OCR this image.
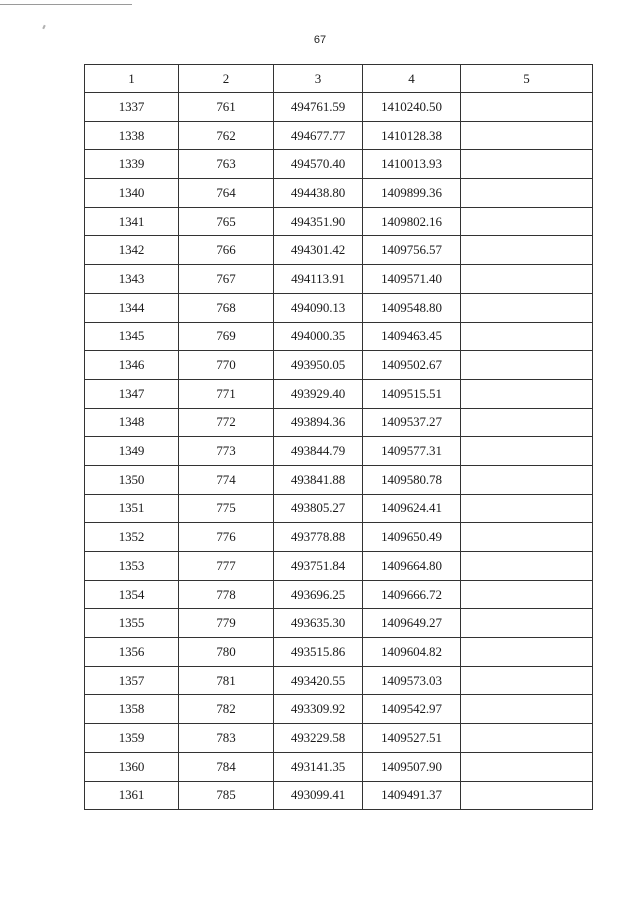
67
1	2	3	4	5
1337	761	494761.59	1410240.50	
1338	762	494677.77	1410128.38	
1339	763	494570.40	1410013.93	
1340	764	494438.80	1409899.36	
1341	765	494351.90	1409802.16	
1342	766	494301.42	1409756.57	
1343	767	494113.91	1409571.40	
1344	768	494090.13	1409548.80	
1345	769	494000.35	1409463.45	
1346	770	493950.05	1409502.67	
1347	771	493929.40	1409515.51	
1348	772	493894.36	1409537.27	
1349	773	493844.79	1409577.31	
1350	774	493841.88	1409580.78	
1351	775	493805.27	1409624.41	
1352	776	493778.88	1409650.49	
1353	777	493751.84	1409664.80	
1354	778	493696.25	1409666.72	
1355	779	493635.30	1409649.27	
1356	780	493515.86	1409604.82	
1357	781	493420.55	1409573.03	
1358	782	493309.92	1409542.97	
1359	783	493229.58	1409527.51	
1360	784	493141.35	1409507.90	
1361	785	493099.41	1409491.37	
